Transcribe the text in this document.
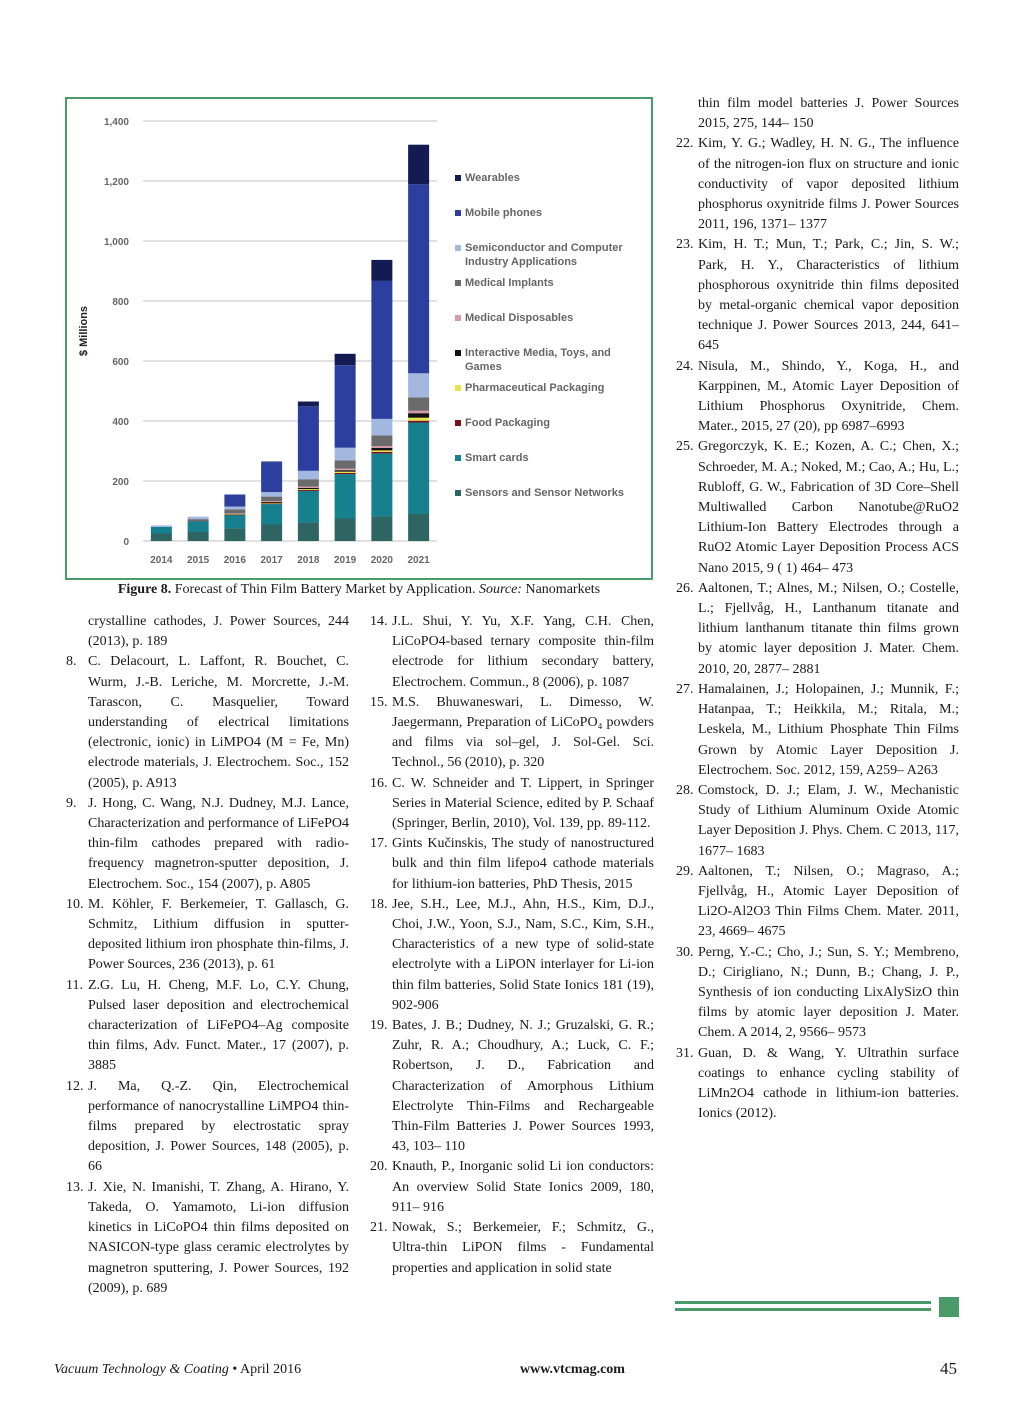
0
200
400
600
800
1,000
1,200
1,400
$ Millions
2014 2015 2016 2017 2018 2019 2020 2021
Wearables
Mobile phones
Semiconductor and Computer Industry Applications
Medical Implants
Medical Disposables
Interactive Media, Toys, and Games
Pharmaceutical Packaging
Food Packaging
Smart cards
Sensors and Sensor Networks
Figure 8. Forecast of Thin Film Battery Market by Application. Source: Nanomarkets
crystalline cathodes, J. Power Sources, 244 (2013), p. 189
8. C. Delacourt, L. Laffont, R. Bouchet, C. Wurm, J.-B. Leriche, M. Morcrette, J.-M. Tarascon, C. Masquelier, Toward understanding of electrical limitations (electronic, ionic) in LiMPO4 (M = Fe, Mn) electrode materials, J. Electrochem. Soc., 152 (2005), p. A913
9. J. Hong, C. Wang, N.J. Dudney, M.J. Lance, Characterization and performance of LiFePO4 thin-film cathodes prepared with radio-frequency magnetron-sputter deposition, J. Electrochem. Soc., 154 (2007), p. A805
10. M. Köhler, F. Berkemeier, T. Gallasch, G. Schmitz, Lithium diffusion in sputter-deposited lithium iron phosphate thin-films, J. Power Sources, 236 (2013), p. 61
11. Z.G. Lu, H. Cheng, M.F. Lo, C.Y. Chung, Pulsed laser deposition and electrochemical characterization of LiFePO4–Ag composite thin films, Adv. Funct. Mater., 17 (2007), p. 3885
12. J. Ma, Q.-Z. Qin, Electrochemical performance of nanocrystalline LiMPO4 thin-films prepared by electrostatic spray deposition, J. Power Sources, 148 (2005), p. 66
13. J. Xie, N. Imanishi, T. Zhang, A. Hirano, Y. Takeda, O. Yamamoto, Li-ion diffusion kinetics in LiCoPO4 thin films deposited on NASICON-type glass ceramic electrolytes by magnetron sputtering, J. Power Sources, 192 (2009), p. 689
14. J.L. Shui, Y. Yu, X.F. Yang, C.H. Chen, LiCoPO4-based ternary composite thin-film electrode for lithium secondary battery, Electrochem. Commun., 8 (2006), p. 1087
15. M.S. Bhuwaneswari, L. Dimesso, W. Jaegermann, Preparation of LiCoPO₄ powders and films via sol–gel, J. Sol-Gel. Sci. Technol., 56 (2010), p. 320
16. C. W. Schneider and T. Lippert, in Springer Series in Material Science, edited by P. Schaaf (Springer, Berlin, 2010), Vol. 139, pp. 89-112.
17. Gints Kučinskis, The study of nanostructured bulk and thin film lifepo4 cathode materials for lithium-ion batteries, PhD Thesis, 2015
18. Jee, S.H., Lee, M.J., Ahn, H.S., Kim, D.J., Choi, J.W., Yoon, S.J., Nam, S.C., Kim, S.H., Characteristics of a new type of solid-state electrolyte with a LiPON interlayer for Li-ion thin film batteries, Solid State Ionics 181 (19), 902-906
19. Bates, J. B.; Dudney, N. J.; Gruzalski, G. R.; Zuhr, R. A.; Choudhury, A.; Luck, C. F.; Robertson, J. D., Fabrication and Characterization of Amorphous Lithium Electrolyte Thin-Films and Rechargeable Thin-Film Batteries J. Power Sources 1993, 43, 103– 110
20. Knauth, P., Inorganic solid Li ion conductors: An overview Solid State Ionics 2009, 180, 911– 916
21. Nowak, S.; Berkemeier, F.; Schmitz, G., Ultra-thin LiPON films - Fundamental properties and application in solid state
thin film model batteries J. Power Sources 2015, 275, 144– 150
22. Kim, Y. G.; Wadley, H. N. G., The influence of the nitrogen-ion flux on structure and ionic conductivity of vapor deposited lithium phosphorus oxynitride films J. Power Sources 2011, 196, 1371– 1377
23. Kim, H. T.; Mun, T.; Park, C.; Jin, S. W.; Park, H. Y., Characteristics of lithium phosphorous oxynitride thin films deposited by metal-organic chemical vapor deposition technique J. Power Sources 2013, 244, 641– 645
24. Nisula, M., Shindo, Y., Koga, H., and Karppinen, M., Atomic Layer Deposition of Lithium Phosphorus Oxynitride, Chem. Mater., 2015, 27 (20), pp 6987–6993
25. Gregorczyk, K. E.; Kozen, A. C.; Chen, X.; Schroeder, M. A.; Noked, M.; Cao, A.; Hu, L.; Rubloff, G. W., Fabrication of 3D Core–Shell Multiwalled Carbon Nanotube@RuO2 Lithium-Ion Battery Electrodes through a RuO2 Atomic Layer Deposition Process ACS Nano 2015, 9 ( 1) 464– 473
26. Aaltonen, T.; Alnes, M.; Nilsen, O.; Costelle, L.; Fjellvåg, H., Lanthanum titanate and lithium lanthanum titanate thin films grown by atomic layer deposition J. Mater. Chem. 2010, 20, 2877– 2881
27. Hamalainen, J.; Holopainen, J.; Munnik, F.; Hatanpaa, T.; Heikkila, M.; Ritala, M.; Leskela, M., Lithium Phosphate Thin Films Grown by Atomic Layer Deposition J. Electrochem. Soc. 2012, 159, A259– A263
28. Comstock, D. J.; Elam, J. W., Mechanistic Study of Lithium Aluminum Oxide Atomic Layer Deposition J. Phys. Chem. C 2013, 117, 1677– 1683
29. Aaltonen, T.; Nilsen, O.; Magraso, A.; Fjellvåg, H., Atomic Layer Deposition of Li2O-Al2O3 Thin Films Chem. Mater. 2011, 23, 4669– 4675
30. Perng, Y.-C.; Cho, J.; Sun, S. Y.; Membreno, D.; Cirigliano, N.; Dunn, B.; Chang, J. P., Synthesis of ion conducting LixAlySizO thin films by atomic layer deposition J. Mater. Chem. A 2014, 2, 9566– 9573
31. Guan, D. & Wang, Y. Ultrathin surface coatings to enhance cycling stability of LiMn2O4 cathode in lithium-ion batteries. Ionics (2012).
Vacuum Technology & Coating • April 2016	www.vtcmag.com	45
